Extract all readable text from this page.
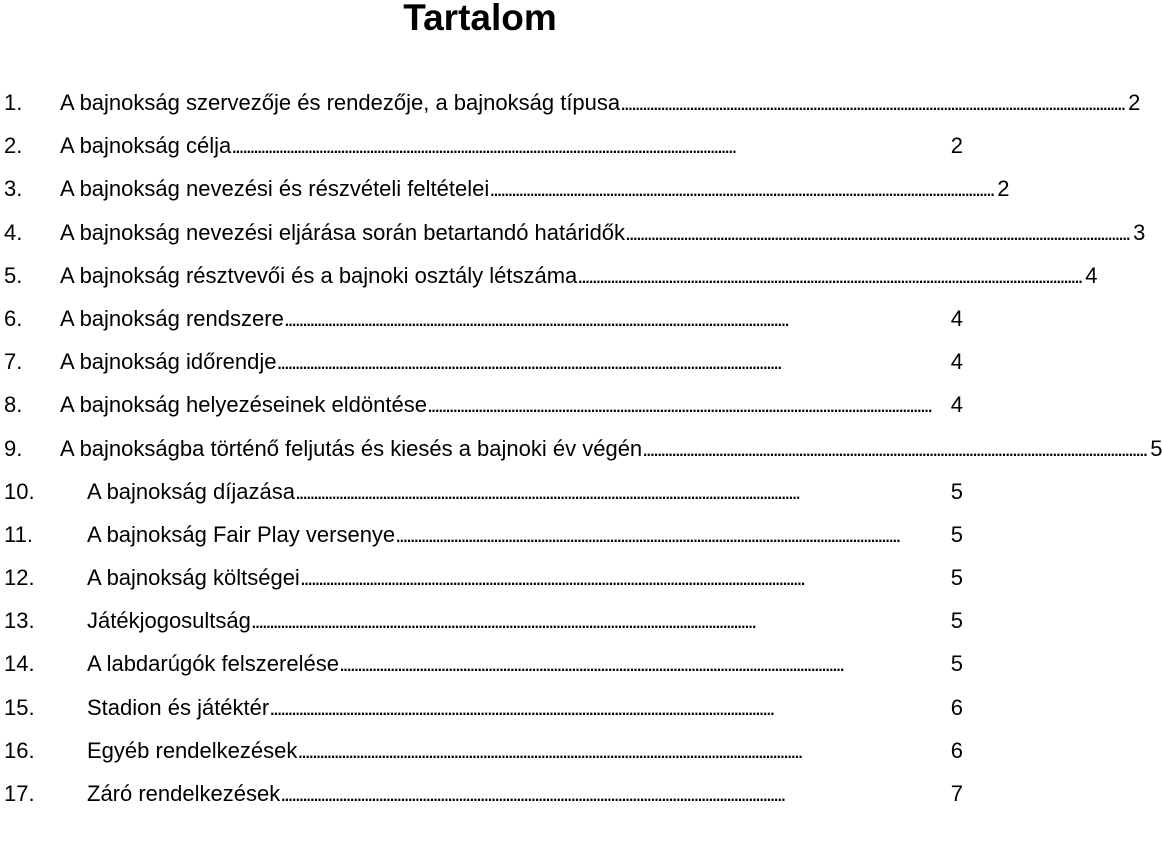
Tartalom
1.	A bajnokság szervezője és rendezője, a bajnokság típusa . . .	2
2.	A bajnokság célja . . .	2
3.	A bajnokság nevezési és részvételi feltételei . . .	2
4.	A bajnokság nevezési eljárása során betartandó határidők . . .	3
5.	A bajnokság résztvevői és a bajnoki osztály létszáma . . .	4
6.	A bajnokság rendszere . . .	4
7.	A bajnokság időrendje . . .	4
8.	A bajnokság helyezéseinek eldöntése . . .	4
9.	A bajnokságba történő feljutás és kiesés a bajnoki év végén . . .	5
10.	A bajnokság díjazása . . .	5
11.	A bajnokság Fair Play versenye . . .	5
12.	A bajnokság költségei . . .	5
13.	Játékjogosultság . . .	5
14.	A labdarúgók felszerelése . . .	5
15.	Stadion és játéktér . . .	6
16.	Egyéb rendelkezések . . .	6
17.	Záró rendelkezések . . .	7
